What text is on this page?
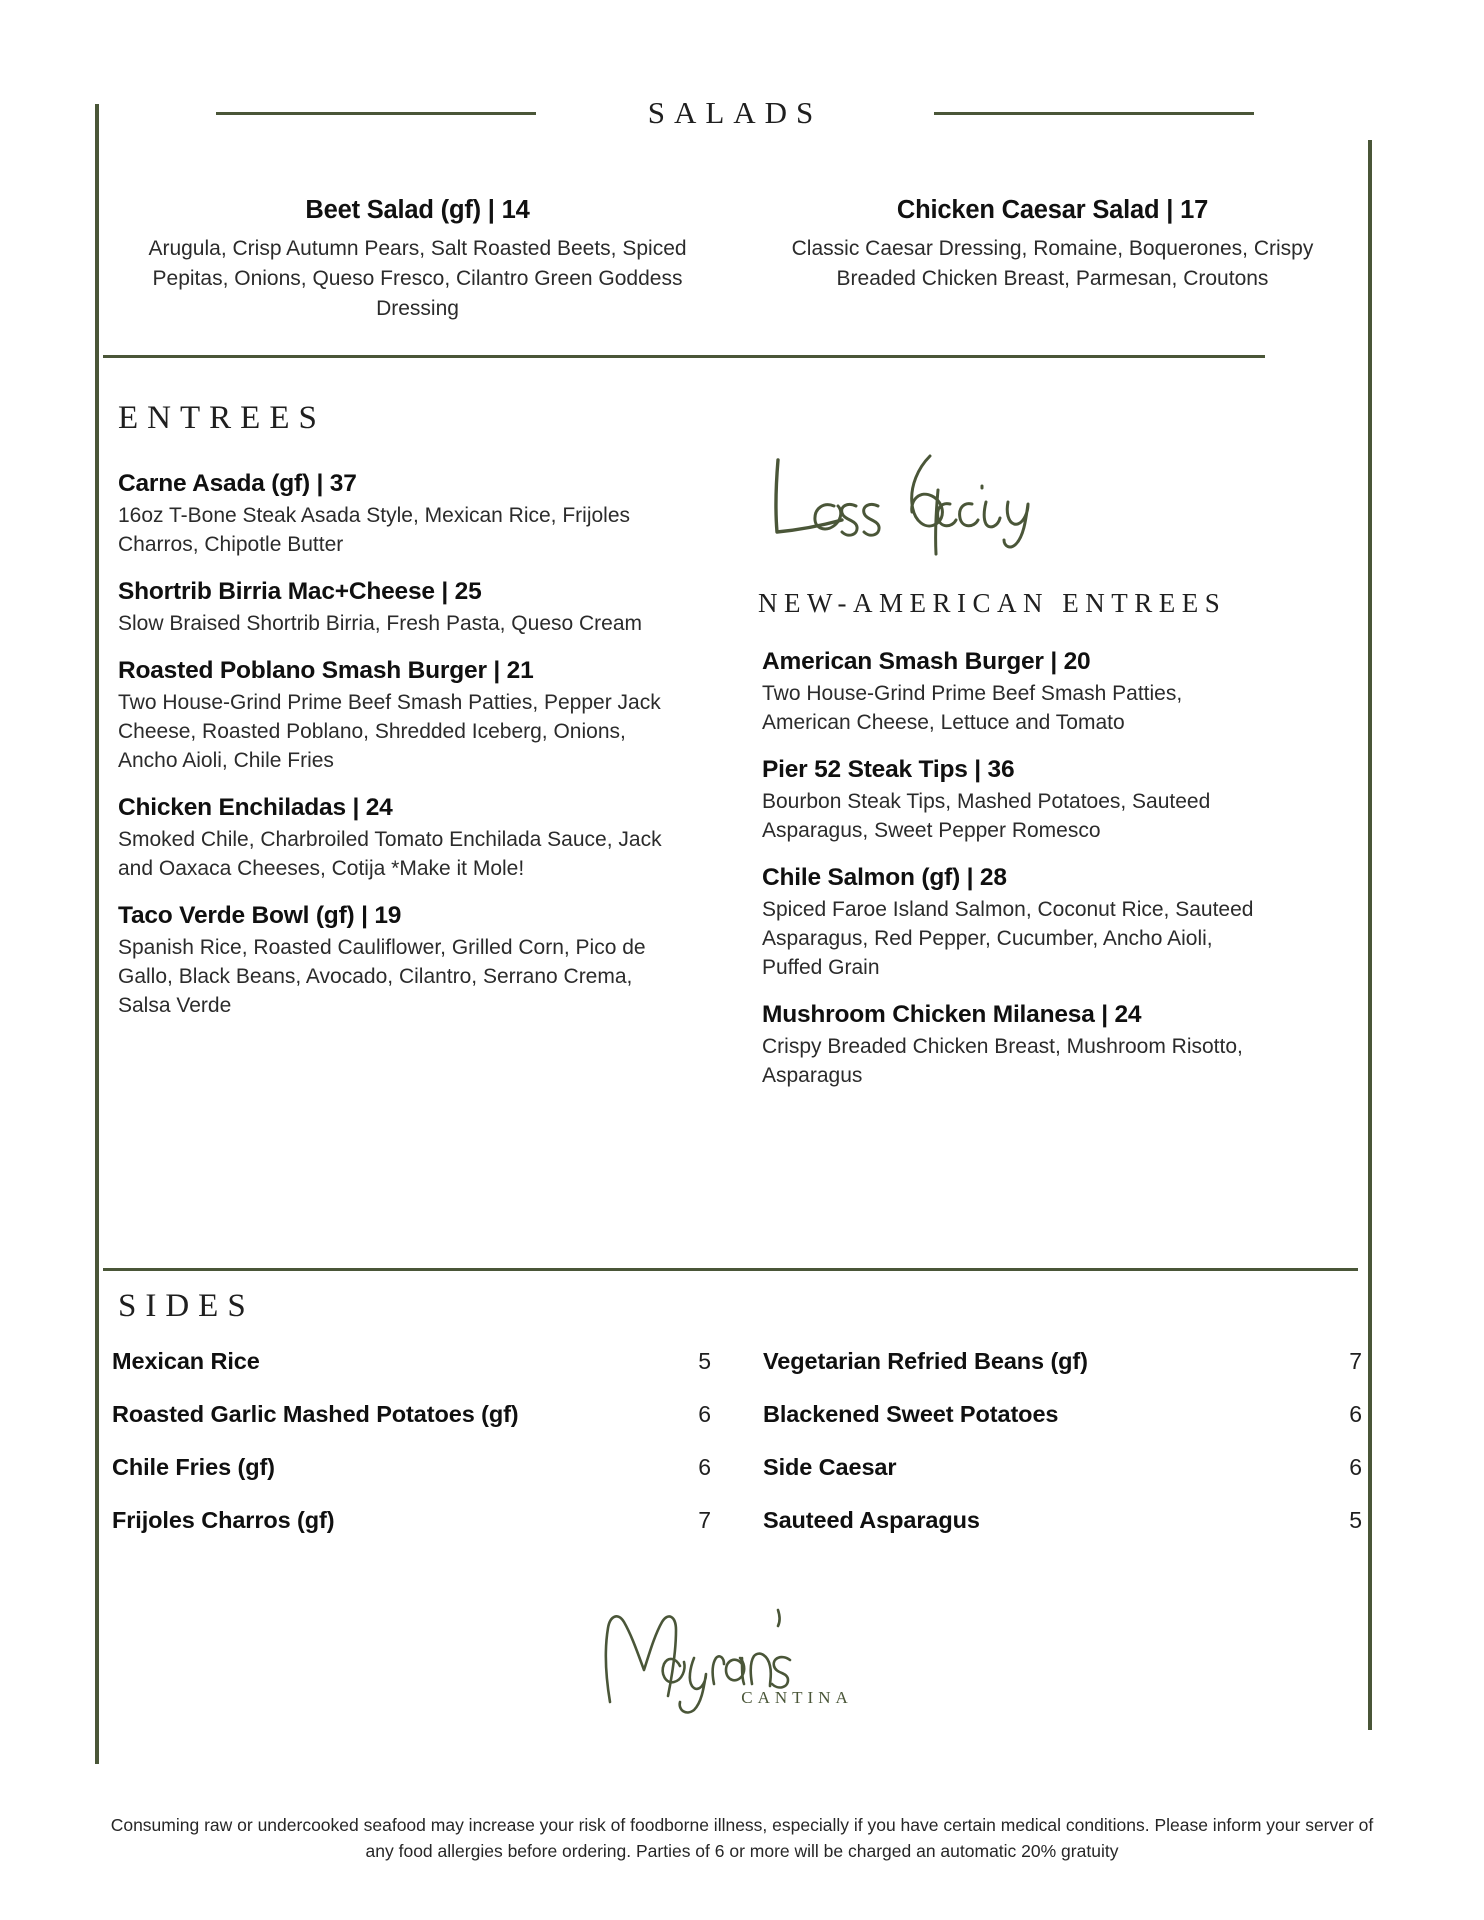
SALADS
Beet Salad (gf) | 14
Arugula, Crisp Autumn Pears, Salt Roasted Beets, Spiced Pepitas, Onions, Queso Fresco, Cilantro Green Goddess Dressing
Chicken Caesar Salad | 17
Classic Caesar Dressing, Romaine, Boquerones, Crispy Breaded Chicken Breast, Parmesan, Croutons
ENTREES
Carne Asada (gf) | 37
16oz T-Bone Steak Asada Style, Mexican Rice, Frijoles Charros, Chipotle Butter
Shortrib Birria Mac+Cheese | 25
Slow Braised Shortrib Birria, Fresh Pasta, Queso Cream
Roasted Poblano Smash Burger | 21
Two House-Grind Prime Beef Smash Patties, Pepper Jack Cheese, Roasted Poblano, Shredded Iceberg, Onions, Ancho Aioli, Chile Fries
Chicken Enchiladas | 24
Smoked Chile, Charbroiled Tomato Enchilada Sauce, Jack and Oaxaca Cheeses, Cotija *Make it Mole!
Taco Verde Bowl (gf) | 19
Spanish Rice, Roasted Cauliflower, Grilled Corn, Pico de Gallo, Black Beans, Avocado, Cilantro, Serrano Crema, Salsa Verde
NEW-AMERICAN ENTREES
American Smash Burger | 20
Two House-Grind Prime Beef Smash Patties, American Cheese, Lettuce and Tomato
Pier 52 Steak Tips | 36
Bourbon Steak Tips, Mashed Potatoes, Sauteed Asparagus, Sweet Pepper Romesco
Chile Salmon (gf) | 28
Spiced Faroe Island Salmon, Coconut Rice, Sauteed Asparagus, Red Pepper, Cucumber, Ancho Aioli, Puffed Grain
Mushroom Chicken Milanesa | 24
Crispy Breaded Chicken Breast, Mushroom Risotto, Asparagus
SIDES
Mexican Rice	5
Roasted Garlic Mashed Potatoes (gf)	6
Chile Fries (gf)	6
Frijoles Charros (gf)	7
Vegetarian Refried Beans (gf)	7
Blackened Sweet Potatoes	6
Side Caesar	6
Sauteed Asparagus	5
CANTINA

Consuming raw or undercooked seafood may increase your risk of foodborne illness, especially if you have certain medical conditions. Please inform your server of any food allergies before ordering. Parties of 6 or more will be charged an automatic 20% gratuity
